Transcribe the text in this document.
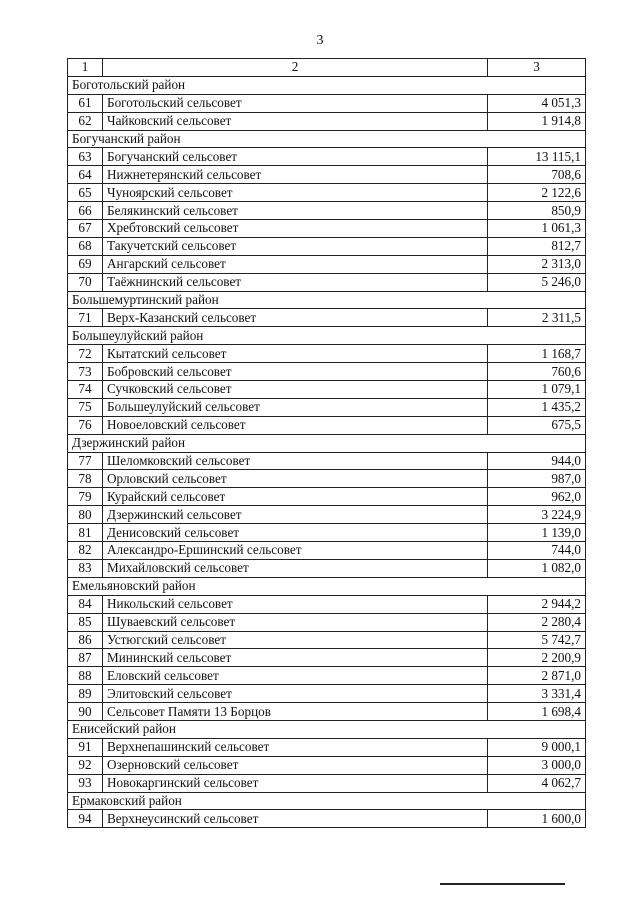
3
1	2	3
Боготольский район		
61	Боготольский сельсовет	4 051,3
62	Чайковский сельсовет	1 914,8
Богучанский район		
63	Богучанский сельсовет	13 115,1
64	Нижнетерянский сельсовет	708,6
65	Чуноярский сельсовет	2 122,6
66	Белякинский сельсовет	850,9
67	Хребтовский сельсовет	1 061,3
68	Такучетский сельсовет	812,7
69	Ангарский сельсовет	2 313,0
70	Таёжнинский сельсовет	5 246,0
Большемуртинский район		
71	Верх-Казанский сельсовет	2 311,5
Большеулуйский район		
72	Кытатский сельсовет	1 168,7
73	Бобровский сельсовет	760,6
74	Сучковский сельсовет	1 079,1
75	Большеулуйский сельсовет	1 435,2
76	Новоеловский сельсовет	675,5
Дзержинский район		
77	Шеломковский сельсовет	944,0
78	Орловский сельсовет	987,0
79	Курайский сельсовет	962,0
80	Дзержинский сельсовет	3 224,9
81	Денисовский сельсовет	1 139,0
82	Александро-Ершинский сельсовет	744,0
83	Михайловский сельсовет	1 082,0
Емельяновский район		
84	Никольский сельсовет	2 944,2
85	Шуваевский сельсовет	2 280,4
86	Устюгский сельсовет	5 742,7
87	Мининский сельсовет	2 200,9
88	Еловский сельсовет	2 871,0
89	Элитовский сельсовет	3 331,4
90	Сельсовет Памяти 13 Борцов	1 698,4
Енисейский район		
91	Верхнепашинский сельсовет	9 000,1
92	Озерновский сельсовет	3 000,0
93	Новокаргинский сельсовет	4 062,7
Ермаковский район		
94	Верхнеусинский сельсовет	1 600,0
